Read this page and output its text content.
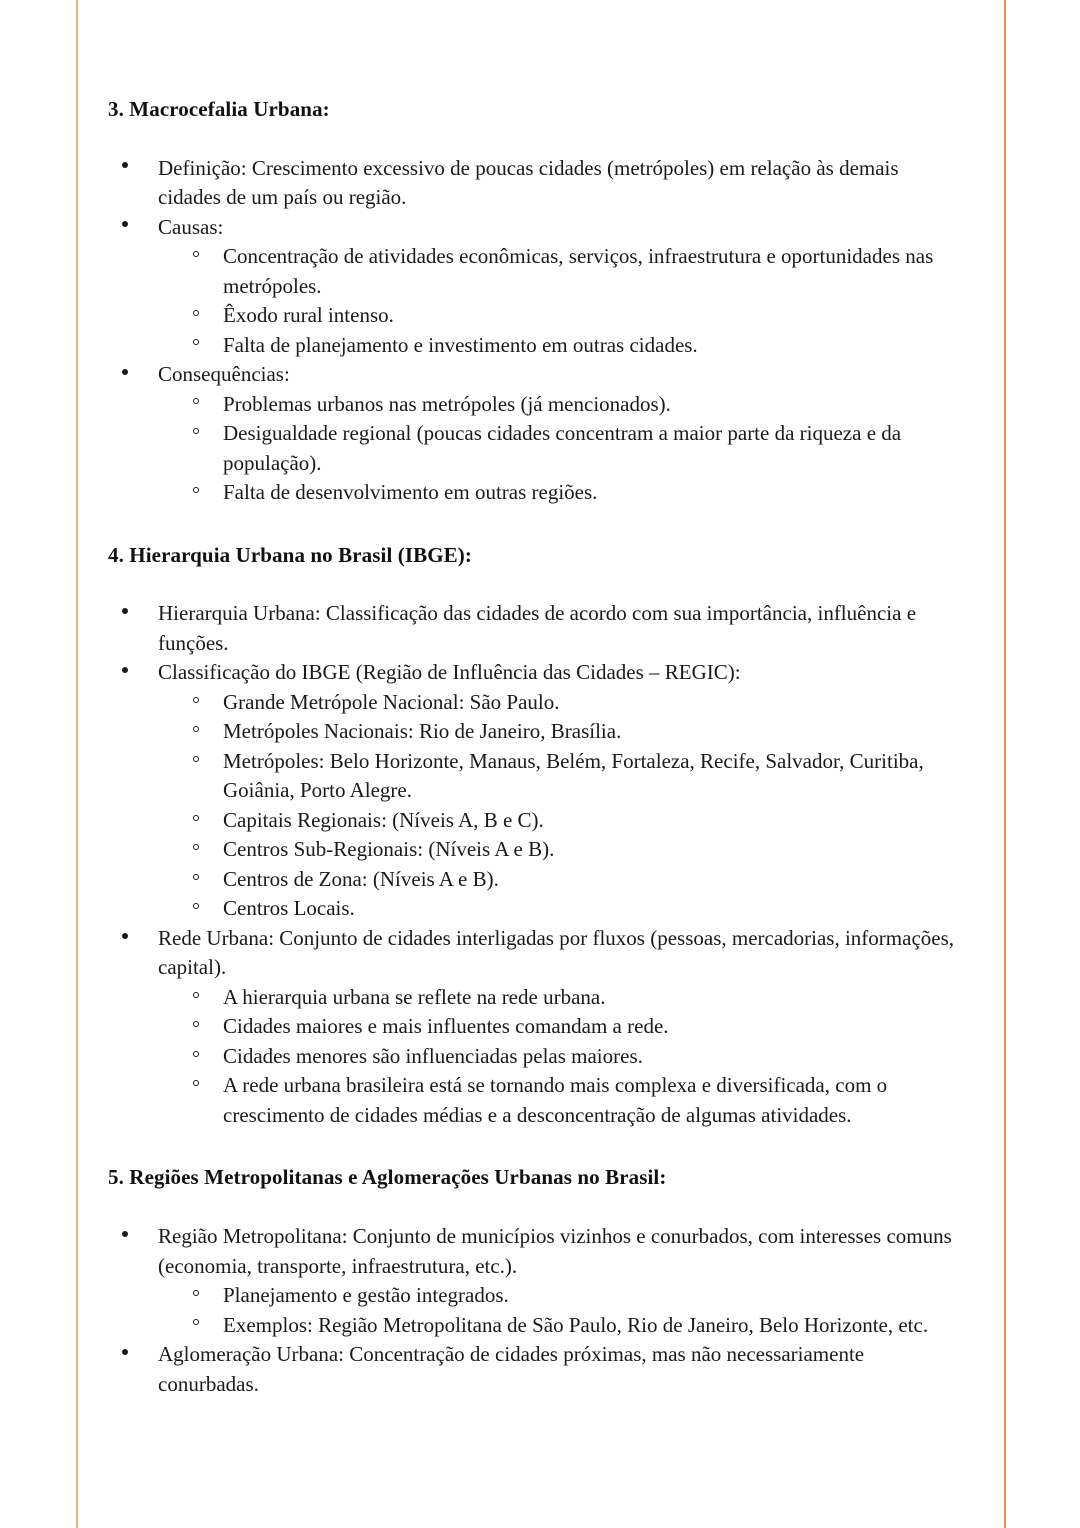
3. Macrocefalia Urbana:
Definição: Crescimento excessivo de poucas cidades (metrópoles) em relação às demais cidades de um país ou região.
Causas:
Concentração de atividades econômicas, serviços, infraestrutura e oportunidades nas metrópoles.
Êxodo rural intenso.
Falta de planejamento e investimento em outras cidades.
Consequências:
Problemas urbanos nas metrópoles (já mencionados).
Desigualdade regional (poucas cidades concentram a maior parte da riqueza e da população).
Falta de desenvolvimento em outras regiões.
4. Hierarquia Urbana no Brasil (IBGE):
Hierarquia Urbana: Classificação das cidades de acordo com sua importância, influência e funções.
Classificação do IBGE (Região de Influência das Cidades – REGIC):
Grande Metrópole Nacional: São Paulo.
Metrópoles Nacionais: Rio de Janeiro, Brasília.
Metrópoles: Belo Horizonte, Manaus, Belém, Fortaleza, Recife, Salvador, Curitiba, Goiânia, Porto Alegre.
Capitais Regionais: (Níveis A, B e C).
Centros Sub-Regionais: (Níveis A e B).
Centros de Zona: (Níveis A e B).
Centros Locais.
Rede Urbana: Conjunto de cidades interligadas por fluxos (pessoas, mercadorias, informações, capital).
A hierarquia urbana se reflete na rede urbana.
Cidades maiores e mais influentes comandam a rede.
Cidades menores são influenciadas pelas maiores.
A rede urbana brasileira está se tornando mais complexa e diversificada, com o crescimento de cidades médias e a desconcentração de algumas atividades.
5. Regiões Metropolitanas e Aglomerações Urbanas no Brasil:
Região Metropolitana: Conjunto de municípios vizinhos e conurbados, com interesses comuns (economia, transporte, infraestrutura, etc.).
Planejamento e gestão integrados.
Exemplos: Região Metropolitana de São Paulo, Rio de Janeiro, Belo Horizonte, etc.
Aglomeração Urbana: Concentração de cidades próximas, mas não necessariamente conurbadas.
